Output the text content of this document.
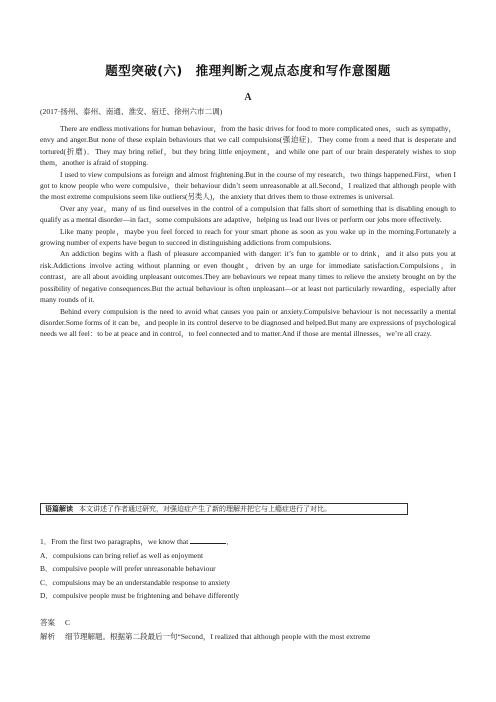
题型突破(六)　推理判断之观点态度和写作意图题
A
(2017·扬州、泰州、南通、淮安、宿迁、徐州六市二调)

There are endless motivations for human behaviour，from the basic drives for food to more complicated ones，such as sympathy，envy and anger.But none of these explain behaviours that we call compulsions(强迫症)．They come from a need that is desperate and tortured(折磨)．They may bring relief，but they bring little enjoyment，and while one part of our brain desperately wishes to stop them，another is afraid of stopping.

I used to view compulsions as foreign and almost frightening.But in the course of my research，two things happened.First，when I got to know people who were compulsive，their behaviour didn’t seem unreasonable at all.Second，I realized that although people with the most extreme compulsions seem like outliers(另类人)，the anxiety that drives them to those extremes is universal.

Over any year，many of us find ourselves in the control of a compulsion that falls short of something that is disabling enough to qualify as a mental disorder—in fact，some compulsions are adaptive，helping us lead our lives or perform our jobs more effectively.

Like many people，maybe you feel forced to reach for your smart phone as soon as you wake up in the morning.Fortunately a growing number of experts have begun to succeed in distinguishing addictions from compulsions.

An addiction begins with a flash of pleasure accompanied with danger: it’s fun to gamble or to drink，and it also puts you at risk.Addictions involve acting without planning or even thought，driven by an urge for immediate satisfaction.Compulsions，in contrast，are all about avoiding unpleasant outcomes.They are behaviours we repeat many times to relieve the anxiety brought on by the possibility of negative consequences.But the actual behaviour is often unpleasant—or at least not particularly rewarding，especially after many rounds of it.

Behind every compulsion is the need to avoid what causes you pain or anxiety.Compulsive behaviour is not necessarily a mental disorder.Some forms of it can be，and people in its control deserve to be diagnosed and helped.But many are expressions of psychological needs we all feel：to be at peace and in control，to feel connected and to matter.And if those are mental illnesses，we’re all crazy.

语篇解读 本文讲述了作者通过研究，对强迫症产生了新的理解并把它与上瘾症进行了对比。
1．From the first two paragraphs，we know that	．
A．compulsions can bring relief as well as enjoyment
B．compulsive people will prefer unreasonable behaviour
C．compulsions may be an understandable response to anxiety
D．compulsive people must be frightening and behave differently
答案 C
解析 细节理解题。根据第二段最后一句“Second，I realized that although people with the most extreme
